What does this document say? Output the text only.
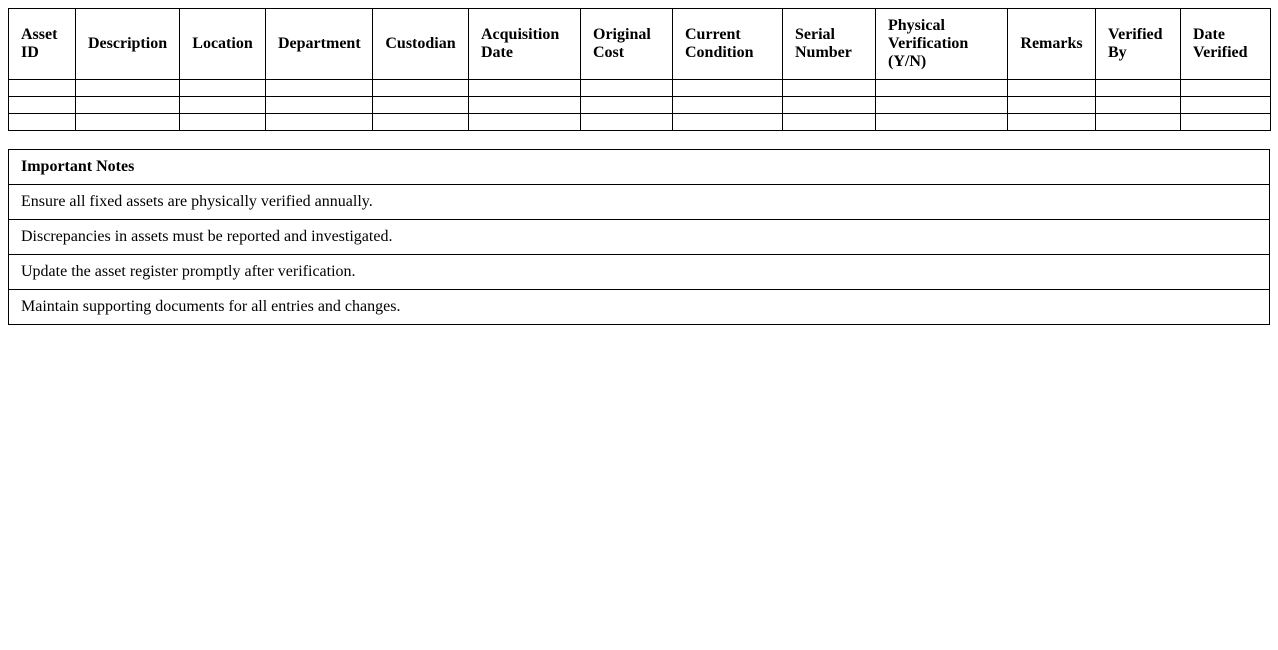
Asset ID	Description	Location	Department	Custodian	Acquisition Date	Original Cost	Current Condition	Serial Number	Physical Verification (Y/N)	Remarks	Verified By	Date Verified

Important Notes
Ensure all fixed assets are physically verified annually.
Discrepancies in assets must be reported and investigated.
Update the asset register promptly after verification.
Maintain supporting documents for all entries and changes.
